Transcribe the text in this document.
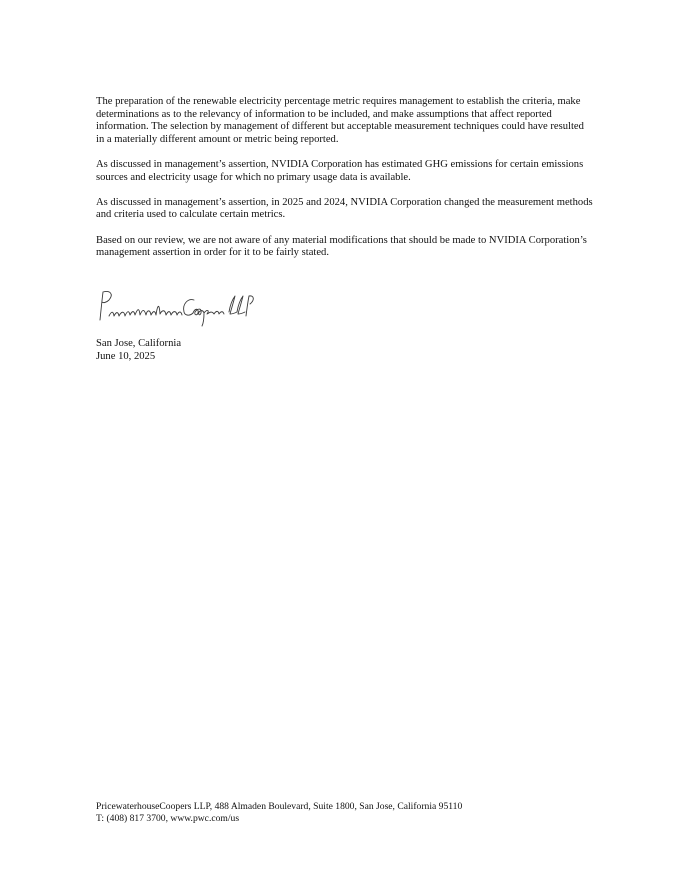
The preparation of the renewable electricity percentage metric requires management to establish the criteria, make determinations as to the relevancy of information to be included, and make assumptions that affect reported information. The selection by management of different but acceptable measurement techniques could have resulted in a materially different amount or metric being reported.

As discussed in management’s assertion, NVIDIA Corporation has estimated GHG emissions for certain emissions sources and electricity usage for which no primary usage data is available.

As discussed in management’s assertion, in 2025 and 2024, NVIDIA Corporation changed the measurement methods and criteria used to calculate certain metrics.

Based on our review, we are not aware of any material modifications that should be made to NVIDIA Corporation’s management assertion in order for it to be fairly stated.

San Jose, California
June 10, 2025
PricewaterhouseCoopers LLP, 488 Almaden Boulevard, Suite 1800, San Jose, California 95110
T: (408) 817 3700, www.pwc.com/us
